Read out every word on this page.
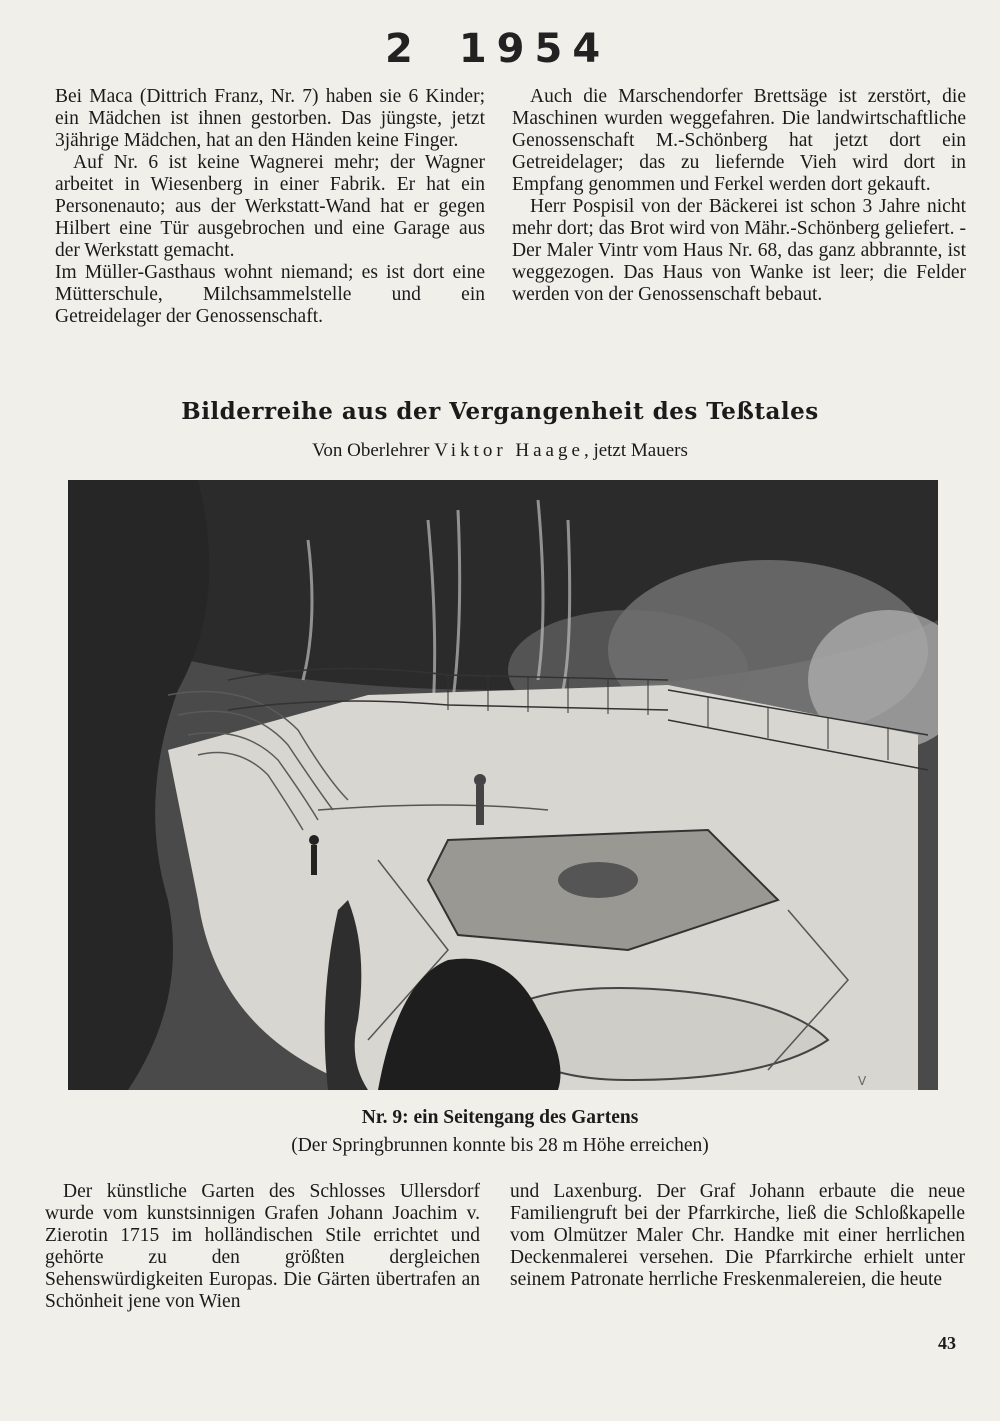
2 1954

Bei Maca (Dittrich Franz, Nr. 7) haben sie 6 Kinder; ein Mädchen ist ihnen gestorben. Das jüngste, jetzt 3jährige Mädchen, hat an den Händen keine Finger.

Auf Nr. 6 ist keine Wagnerei mehr; der Wagner arbeitet in Wiesenberg in einer Fabrik. Er hat ein Personenauto; aus der Werkstatt-Wand hat er gegen Hilbert eine Tür ausgebrochen und eine Garage aus der Werkstatt gemacht.

Im Müller-Gasthaus wohnt niemand; es ist dort eine Mütterschule, Milchsammelstelle und ein Getreidelager der Genossenschaft.

Auch die Marschendorfer Brettsäge ist zerstört, die Maschinen wurden weggefahren. Die landwirtschaftliche Genossenschaft M.-Schönberg hat jetzt dort ein Getreidelager; das zu liefernde Vieh wird dort in Empfang genommen und Ferkel werden dort gekauft.

Herr Pospisil von der Bäckerei ist schon 3 Jahre nicht mehr dort; das Brot wird von Mähr.-Schönberg geliefert. - Der Maler Vintr vom Haus Nr. 68, das ganz abbrannte, ist weggezogen. Das Haus von Wanke ist leer; die Felder werden von der Genossenschaft bebaut.

Bilderreihe aus der Vergangenheit des Teßtales
Von Oberlehrer Viktor Haage, jetzt Mauers
V
Nr. 9: ein Seitengang des Gartens
(Der Springbrunnen konnte bis 28 m Höhe erreichen)

Der künstliche Garten des Schlosses Ullersdorf wurde vom kunstsinnigen Grafen Johann Joachim v. Zierotin 1715 im holländischen Stile errichtet und gehörte zu den größten dergleichen Sehenswürdigkeiten Europas. Die Gärten übertrafen an Schönheit jene von Wien

und Laxenburg. Der Graf Johann erbaute die neue Familiengruft bei der Pfarrkirche, ließ die Schloßkapelle vom Olmützer Maler Chr. Handke mit einer herrlichen Deckenmalerei versehen. Die Pfarrkirche erhielt unter seinem Patronate herrliche Freskenmalereien, die heute

43
